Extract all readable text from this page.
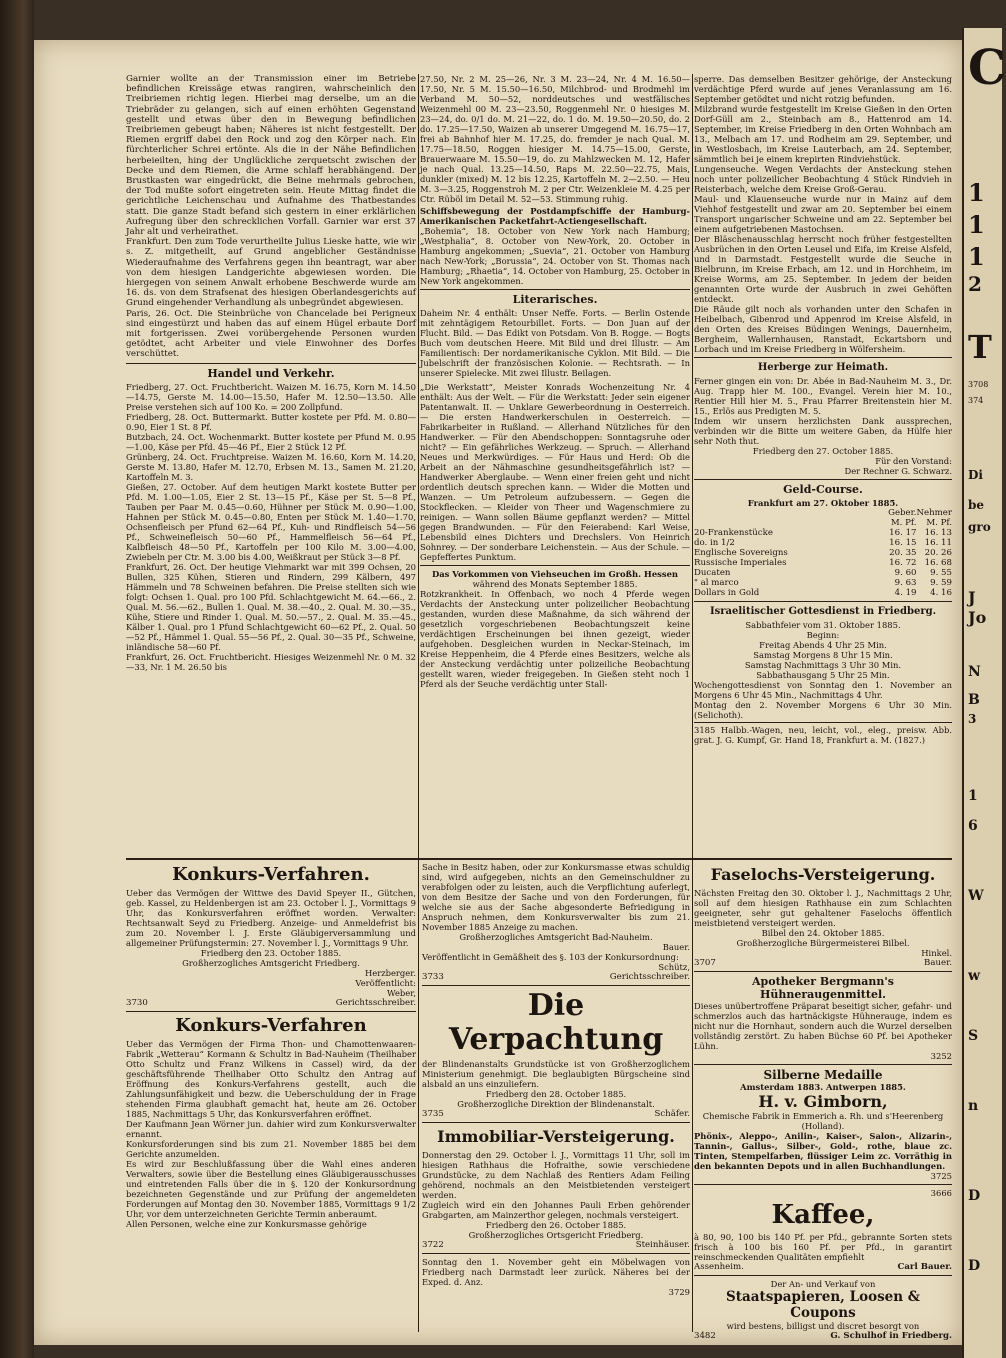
Garnier wollte an der Transmission einer im Betriebe befindlichen Kreissäge etwas rangiren, wahrscheinlich den Treibriemen richtig legen. Hierbei mag derselbe, um an die Triebräder zu gelangen, sich auf einen erhöhten Gegenstand gestellt und etwas über den in Bewegung befindlichen Treibriemen gebeugt haben; Näheres ist nicht festgestellt. Der Riemen ergriff dabei den Rock und zog den Körper nach. Ein fürchterlicher Schrei ertönte. Als die in der Nähe Befindlichen herbeieilten, hing der Unglückliche zerquetscht zwischen der Decke und dem Riemen, die Arme schlaff herabhängend. Der Brustkasten war eingedrückt, die Beine mehrmals gebrochen, der Tod mußte sofort eingetreten sein. Heute Mittag findet die gerichtliche Leichenschau und Aufnahme des Thatbestandes statt. Die ganze Stadt befand sich gestern in einer erklärlichen Aufregung über den schrecklichen Vorfall. Garnier war erst 37 Jahr alt und verheirathet.

Frankfurt. Den zum Tode verurtheilte Julius Lieske hatte, wie wir s. Z. mitgetheilt, auf Grund angeblicher Geständnisse Wiederaufnahme des Verfahrens gegen ihn beantragt, war aber von dem hiesigen Landgerichte abgewiesen worden. Die hiergegen von seinem Anwalt erhobene Beschwerde wurde am 16. ds. von dem Strafsenat des hiesigen Oberlandesgerichts auf Grund eingehender Verhandlung als unbegründet abgewiesen.

Paris, 26. Oct. Die Steinbrüche von Chancelade bei Perigneux sind eingestürzt und haben das auf einem Hügel erbaute Dorf mit fortgerissen. Zwei vorübergehende Personen wurden getödtet, acht Arbeiter und viele Einwohner des Dorfes verschüttet.

Handel und Verkehr.

Friedberg, 27. Oct. Fruchtbericht. Waizen M. 16.75, Korn M. 14.50—14.75, Gerste M. 14.00—15.50, Hafer M. 12.50—13.50. Alle Preise verstehen sich auf 100 Ko. = 200 Zollpfund.

Friedberg, 28. Oct. Buttermarkt. Butter kostete per Pfd. M. 0.80—0.90, Eier 1 St. 8 Pf.

Butzbach, 24. Oct. Wochenmarkt. Butter kostete per Pfund M. 0.95—1.00, Käse per Pfd. 45—46 Pf., Eier 2 Stück 12 Pf.

Grünberg, 24. Oct. Fruchtpreise. Waizen M. 16.60, Korn M. 14.20, Gerste M. 13.80, Hafer M. 12.70, Erbsen M. 13., Samen M. 21.20, Kartoffeln M. 3.

Gießen, 27. October. Auf dem heutigen Markt kostete Butter per Pfd. M. 1.00—1.05, Eier 2 St. 13—15 Pf., Käse per St. 5—8 Pf., Tauben per Paar M. 0.45—0.60, Hühner per Stück M. 0.90—1.00, Hahnen per Stück M. 0.45—0.80, Enten per Stück M. 1.40—1.70, Ochsenfleisch per Pfund 62—64 Pf., Kuh- und Rindfleisch 54—56 Pf., Schweinefleisch 50—60 Pf., Hammelfleisch 56—64 Pf., Kalbfleisch 48—50 Pf., Kartoffeln per 100 Kilo M. 3.00—4.00, Zwiebeln per Ctr. M. 3.00 bis 4.00, Weißkraut per Stück 3—8 Pf.

Frankfurt, 26. Oct. Der heutige Viehmarkt war mit 399 Ochsen, 20 Bullen, 325 Kühen, Stieren und Rindern, 299 Kälbern, 497 Hämmeln und 78 Schweinen befahren. Die Preise stellten sich wie folgt: Ochsen 1. Qual. pro 100 Pfd. Schlachtgewicht M. 64.—66., 2. Qual. M. 56.—62., Bullen 1. Qual. M. 38.—40., 2. Qual. M. 30.—35., Kühe, Stiere und Rinder 1. Qual. M. 50.—57., 2. Qual. M. 35.—45., Kälber 1. Qual. pro 1 Pfund Schlachtgewicht 60—62 Pf., 2. Qual. 50—52 Pf., Hämmel 1. Qual. 55—56 Pf., 2. Qual. 30—35 Pf., Schweine, inländische 58—60 Pf.

Frankfurt, 26. Oct. Fruchtbericht. Hiesiges Weizenmehl Nr. 0 M. 32—33, Nr. 1 M. 26.50 bis

27.50, Nr. 2 M. 25—26, Nr. 3 M. 23—24, Nr. 4 M. 16.50—17.50, Nr. 5 M. 15.50—16.50, Milchbrod- und Brodmehl im Verband M. 50—52, norddeutsches und westfälisches Weizenmehl 00 M. 23—23.50, Roggenmehl Nr. 0 hiesiges M. 23—24, do. 0/1 do. M. 21—22, do. 1 do. M. 19.50—20.50, do. 2 do. 17.25—17.50, Waizen ab unserer Umgegend M. 16.75—17, frei ab Bahnhof hier M. 17.25, do. fremder je nach Qual. M. 17.75—18.50, Roggen hiesiger M. 14.75—15.00, Gerste, Brauerwaare M. 15.50—19, do. zu Mahlzwecken M. 12, Hafer je nach Qual. 13.25—14.50, Raps M. 22.50—22.75, Mais, dunkler (mixed) M. 12 bis 12.25, Kartoffeln M. 2—2.50. — Heu M. 3—3.25, Roggenstroh M. 2 per Ctr. Weizenkleie M. 4.25 per Ctr. Rüböl im Detail M. 52—53. Stimmung ruhig.

Schiffsbewegung der Postdampfschiffe der Hamburg-Amerikanischen Packetfahrt-Actiengesellschaft.

„Bohemia“, 18. October von New York nach Hamburg; „Westphalia“, 8. October von New-York, 20. October in Hamburg angekommen; „Suevia“, 21. October von Hamburg nach New-York; „Borussia“, 24. October von St. Thomas nach Hamburg; „Rhaetia“, 14. October von Hamburg, 25. October in New York angekommen.

Literarisches.

Daheim Nr. 4 enthält: Unser Neffe. Forts. — Berlin Ostende mit zehntägigem Retourbillet. Forts. — Don Juan auf der Flucht. Bild. — Das Edikt von Potsdam. Von B. Rogge. — Bogts Buch vom deutschen Heere. Mit Bild und drei Illustr. — Am Familientisch: Der nordamerikanische Cyklon. Mit Bild. — Die Jubelschrift der französischen Kolonie. — Rechtsrath. — In unserer Spielecke. Mit zwei Illustr. Beilagen.

„Die Werkstatt“, Meister Konrads Wochenzeitung Nr. 4 enthält: Aus der Welt. — Für die Werkstatt: Jeder sein eigener Patentanwalt. II. — Unklare Gewerbeordnung in Oesterreich. — Die ersten Handwerkerschulen in Oesterreich. — Fabrikarbeiter in Rußland. — Allerhand Nützliches für den Handwerker. — Für den Abendschoppen: Sonntagsruhe oder nicht? — Ein gefährliches Werkzeug. — Spruch. — Allerhand Neues und Merkwürdiges. — Für Haus und Herd: Ob die Arbeit an der Nähmaschine gesundheitsgefährlich ist? — Handwerker Aberglaube. — Wenn einer freien geht und nicht ordentlich deutsch sprechen kann. — Wider die Motten und Wanzen. — Um Petroleum aufzubessern. — Gegen die Stockflecken. — Kleider von Theer und Wagenschmiere zu reinigen. — Wann sollen Bäume gepflanzt werden? — Mittel gegen Brandwunden. — Für den Feierabend: Karl Weise, Lebensbild eines Dichters und Drechslers. Von Heinrich Sohnrey. — Der sonderbare Leichenstein. — Aus der Schule. — Gepfeffertes Punktum.

Das Vorkommen von Viehseuchen im Großh. Hessen

während des Monats September 1885.

Rotzkrankheit. In Offenbach, wo noch 4 Pferde wegen Verdachts der Ansteckung unter polizeilicher Beobachtung gestanden, wurden diese Maßnahme, da sich während der gesetzlich vorgeschriebenen Beobachtungszeit keine verdächtigen Erscheinungen bei ihnen gezeigt, wieder aufgehoben. Desgleichen wurden in Neckar-Steinach, im Kreise Heppenheim, die 4 Pferde eines Besitzers, welche als der Ansteckung verdächtig unter polizeiliche Beobachtung gestellt waren, wieder freigegeben. In Gießen steht noch 1 Pferd als der Seuche verdächtig unter Stall-

sperre. Das demselben Besitzer gehörige, der Ansteckung verdächtige Pferd wurde auf jenes Veranlassung am 16. September getödtet und nicht rotzig befunden.

Milzbrand wurde festgestellt im Kreise Gießen in den Orten Dorf-Güll am 2., Steinbach am 8., Hattenrod am 14. September, im Kreise Friedberg in den Orten Wohnbach am 13., Melbach am 17. und Rodheim am 29. September, und in Westlosbach, im Kreise Lauterbach, am 24. September, sämmtlich bei je einem krepirten Rindviehstück.

Lungenseuche. Wegen Verdachts der Ansteckung stehen noch unter polizeilicher Beobachtung 4 Stück Rindvieh in Reisterbach, welche dem Kreise Groß-Gerau.

Maul- und Klauenseuche wurde nur in Mainz auf dem Viehhof festgestellt und zwar am 20. September bei einem Transport ungarischer Schweine und am 22. September bei einem aufgetriebenen Mastochsen.

Der Bläschenausschlag herrscht noch früher festgestellten Ausbrüchen in den Orten Leusel und Eifa, im Kreise Alsfeld, und in Darmstadt. Festgestellt wurde die Seuche in Bielbrunn, im Kreise Erbach, am 12. und in Horchheim, im Kreise Worms, am 25. September. In jedem der beiden genannten Orte wurde der Ausbruch in zwei Gehöften entdeckt.

Die Räude gilt noch als vorhanden unter den Schafen in Heibelbach, Gibenrod und Appenrod im Kreise Alsfeld, in den Orten des Kreises Büdingen Wenings, Dauernheim, Bergheim, Wallernhausen, Ranstadt, Eckartsborn und Lorbach und im Kreise Friedberg in Wölfersheim.

Herberge zur Heimath.

Ferner gingen ein von: Dr. Abée in Bad-Nauheim M. 3., Dr. Aug. Trapp hier M. 100., Evangel. Verein hier M. 10., Rentier Hill hier M. 5., Frau Pfarrer Breitenstein hier M. 15., Erlös aus Predigten M. 5.

Indem wir unsern herzlichsten Dank aussprechen, verbinden wir die Bitte um weitere Gaben, da Hülfe hier sehr Noth thut.

Friedberg den 27. October 1885.

Für den Vorstand:

Der Rechner G. Schwarz.

Geld-Course.

Frankfurt am 27. Oktober 1885.

	Geber.	Nehmer
	M. Pf.	M. Pf.
20-Frankenstücke	16. 17	16. 13
do. in 1/2	16. 15	16. 11
Englische Sovereigns	20. 35	20. 26
Russische Imperiales	16. 72	16. 68
Ducaten	9. 60	9. 55
" al marco	9. 63	9. 59
Dollars in Gold	4. 19	4. 16
Israelitischer Gottesdienst in Friedberg.

Sabbathfeier vom 31. Oktober 1885.

Beginn:

Freitag Abends 4 Uhr 25 Min.

Samstag Morgens 8 Uhr 15 Min.

Samstag Nachmittags 3 Uhr 30 Min.

Sabbathausgang 5 Uhr 25 Min.

Wochengottesdienst von Sonntag den 1. November an Morgens 6 Uhr 45 Min., Nachmittags 4 Uhr.

Montag den 2. November Morgens 6 Uhr 30 Min. (Selichoth).

3185 Halbb.-Wagen, neu, leicht, vol., eleg., preisw. Abb. grat. J. G. Kumpf, Gr. Hand 18, Frankfurt a. M. (1827.)

Konkurs-Verfahren.

Ueber das Vermögen der Wittwe des David Speyer II., Gütchen, geb. Kassel, zu Heldenbergen ist am 23. October l. J., Vormittags 9 Uhr, das Konkursverfahren eröffnet worden. Verwalter: Rechtsanwalt Seyd zu Friedberg. Anzeige- und Anmeldefrist bis zum 20. November l. J. Erste Gläubigerversammlung und allgemeiner Prüfungstermin: 27. November l. J., Vormittags 9 Uhr.

Friedberg den 23. October 1885.

Großherzogliches Amtsgericht Friedberg.

Herzberger.

Veröffentlicht:

Weber,

3730	Gerichtsschreiber.
Konkurs-Verfahren

Ueber das Vermögen der Firma Thon- und Chamottenwaaren-Fabrik „Wetterau“ Kormann & Schultz in Bad-Nauheim (Theilhaber Otto Schultz und Franz Wilkens in Cassel) wird, da der geschäftsführende Theilhaber Otto Schultz den Antrag auf Eröffnung des Konkurs-Verfahrens gestellt, auch die Zahlungsunfähigkeit und bezw. die Ueberschuldung der in Frage stehenden Firma glaubhaft gemacht hat, heute am 26. October 1885, Nachmittags 5 Uhr, das Konkursverfahren eröffnet.

Der Kaufmann Jean Wörner jun. dahier wird zum Konkursverwalter ernannt.

Konkursforderungen sind bis zum 21. November 1885 bei dem Gerichte anzumelden.

Es wird zur Beschlußfassung über die Wahl eines anderen Verwalters, sowie über die Bestellung eines Gläubigerausschusses und eintretenden Falls über die in §. 120 der Konkursordnung bezeichneten Gegenstände und zur Prüfung der angemeldeten Forderungen auf Montag den 30. November 1885, Vormittags 9 1/2 Uhr, vor dem unterzeichneten Gerichte Termin anberaumt.

Allen Personen, welche eine zur Konkursmasse gehörige

Sache in Besitz haben, oder zur Konkursmasse etwas schuldig sind, wird aufgegeben, nichts an den Gemeinschuldner zu verabfolgen oder zu leisten, auch die Verpflichtung auferlegt, von dem Besitze der Sache und von den Forderungen, für welche sie aus der Sache abgesonderte Befriedigung in Anspruch nehmen, dem Konkursverwalter bis zum 21. November 1885 Anzeige zu machen.

Großherzogliches Amtsgericht Bad-Nauheim.

Bauer.

Veröffentlicht in Gemäßheit des §. 103 der Konkursordnung:

Schütz,

3733	Gerichtsschreiber.
Die Verpachtung

der Blindenanstalts Grundstücke ist von Großherzoglichem Ministerium genehmigt. Die beglaubigten Bürgscheine sind alsbald an uns einzuliefern.

Friedberg den 28. October 1885.

Großherzogliche Direktion der Blindenanstalt.

3735	Schäfer.
Immobiliar-Versteigerung.

Donnerstag den 29. October l. J., Vormittags 11 Uhr, soll im hiesigen Rathhaus die Hofraithe, sowie verschiedene Grundstücke, zu dem Nachlaß des Rentiers Adam Feiling gehörend, nochmals an den Meistbietenden versteigert werden.

Zugleich wird ein den Johannes Pauli Erben gehörender Grabgarten, am Mainzerthor gelegen, nochmals versteigert.

Friedberg den 26. October 1885.

Großherzogliches Ortsgericht Friedberg.

3722	Steinhäuser.

Sonntag den 1. November geht ein Möbelwagen von Friedberg nach Darmstadt leer zurück. Näheres bei der Exped. d. Anz.

3729

Faselochs-Versteigerung.

Nächsten Freitag den 30. Oktober l. J., Nachmittags 2 Uhr, soll auf dem hiesigen Rathhause ein zum Schlachten geeigneter, sehr gut gehaltener Faselochs öffentlich meistbietend versteigert werden.

Bilbel den 24. Oktober 1885.

Großherzogliche Bürgermeisterei Bilbel.

Hinkel.

3707	Bauer.

Apotheker Bergmann's Hühneraugenmittel.

Dieses unübertroffene Präparat beseitigt sicher, gefahr- und schmerzlos auch das hartnäckigste Hühnerauge, indem es nicht nur die Hornhaut, sondern auch die Wurzel derselben vollständig zerstört. Zu haben Büchse 60 Pf. bei Apotheker Lühn.

3252

Silberne Medaille

Amsterdam 1883. Antwerpen 1885.

H. v. Gimborn,

Chemische Fabrik in Emmerich a. Rh. und s'Heerenberg (Holland).

Phönix-, Aleppo-, Anilin-, Kaiser-, Salon-, Alizarin-, Tannin-, Gallus-, Silber-, Gold-, rothe, blaue zc. Tinten, Stempelfarben, flüssiger Leim zc. Vorräthig in den bekannten Depots und in allen Buchhandlungen.

3725

3666

Kaffee,

à 80, 90, 100 bis 140 Pf. per Pfd., gebrannte Sorten stets frisch à 100 bis 160 Pf. per Pfd., in garantirt reinschmeckenden Qualitäten empfiehlt

Assenheim.	Carl Bauer.

Der An- und Verkauf von

Staatspapieren, Loosen & Coupons

wird bestens, billigst und discret besorgt von

3482	G. Schulhof in Friedberg.
C
1
1
1
2
T
3708
374
Di
be
gro
J
Jo
N
B
3
1
6
W
w
S
n
D
D
